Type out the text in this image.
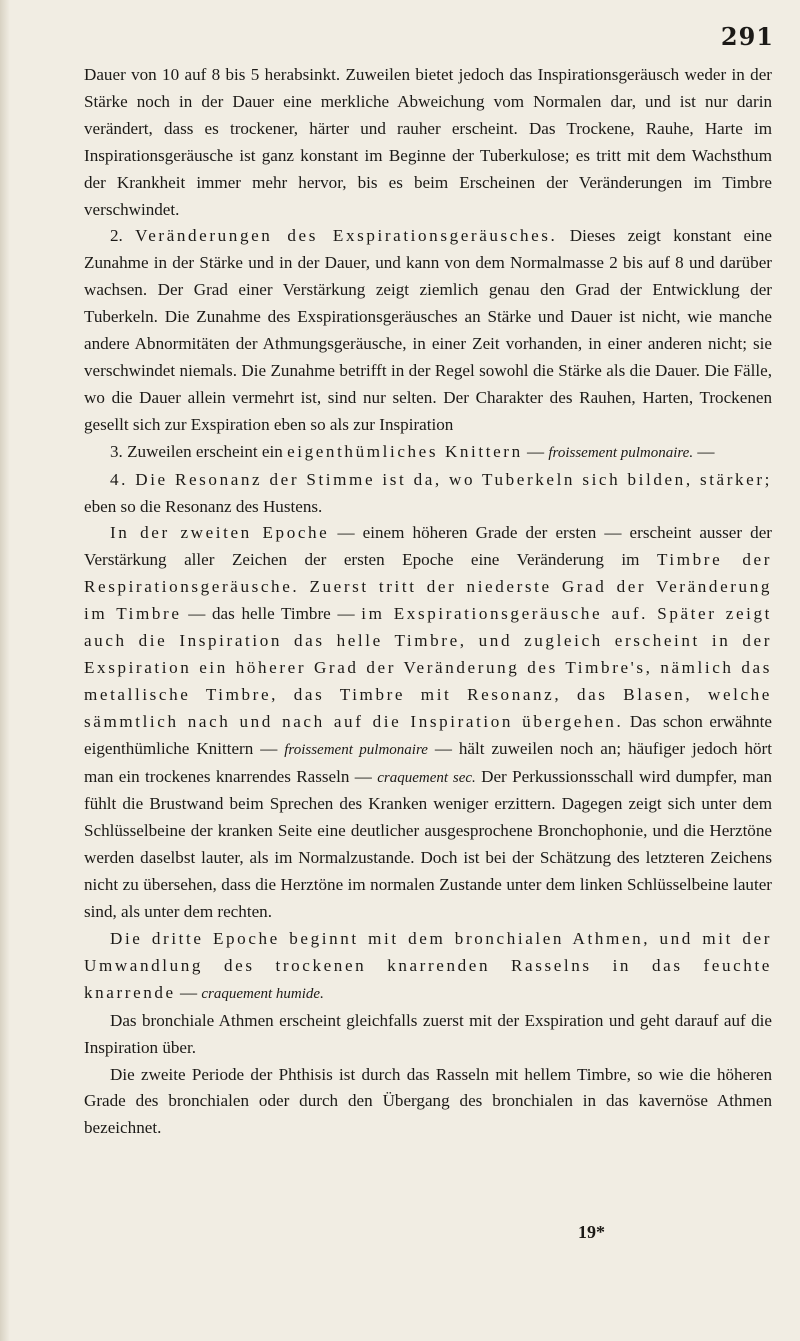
291

Dauer von 10 auf 8 bis 5 herabsinkt. Zuweilen bietet jedoch das Inspirationsgeräusch weder in der Stärke noch in der Dauer eine merkliche Abweichung vom Normalen dar, und ist nur darin verändert, dass es trockener, härter und rauher erscheint. Das Trockene, Rauhe, Harte im Inspirationsgeräusche ist ganz konstant im Beginne der Tuberkulose; es tritt mit dem Wachsthum der Krankheit immer mehr hervor, bis es beim Erscheinen der Veränderungen im Timbre verschwindet.

2. Veränderungen des Exspirationsgeräusches. Dieses zeigt konstant eine Zunahme in der Stärke und in der Dauer, und kann von dem Normalmasse 2 bis auf 8 und darüber wachsen. Der Grad einer Verstärkung zeigt ziemlich genau den Grad der Entwicklung der Tuberkeln. Die Zunahme des Exspirationsgeräusches an Stärke und Dauer ist nicht, wie manche andere Abnormitäten der Athmungsgeräusche, in einer Zeit vorhanden, in einer anderen nicht; sie verschwindet niemals. Die Zunahme betrifft in der Regel sowohl die Stärke als die Dauer. Die Fälle, wo die Dauer allein vermehrt ist, sind nur selten. Der Charakter des Rauhen, Harten, Trockenen gesellt sich zur Exspiration eben so als zur Inspiration

3. Zuweilen erscheint ein eigenthümliches Knittern — froissement pulmonaire. —

4. Die Resonanz der Stimme ist da, wo Tuberkeln sich bilden, stärker; eben so die Resonanz des Hustens.

In der zweiten Epoche — einem höheren Grade der ersten — erscheint ausser der Verstärkung aller Zeichen der ersten Epoche eine Veränderung im Timbre der Respirationsgeräusche. Zuerst tritt der niederste Grad der Veränderung im Timbre — das helle Timbre — im Exspirationsgeräusche auf. Später zeigt auch die Inspiration das helle Timbre, und zugleich erscheint in der Exspiration ein höherer Grad der Veränderung des Timbre's, nämlich das metallische Timbre, das Timbre mit Resonanz, das Blasen, welche sämmtlich nach und nach auf die Inspiration übergehen. Das schon erwähnte eigenthümliche Knittern — froissement pulmonaire — hält zuweilen noch an; häufiger jedoch hört man ein trockenes knarrendes Rasseln — craquement sec. Der Perkussionsschall wird dumpfer, man fühlt die Brustwand beim Sprechen des Kranken weniger erzittern. Dagegen zeigt sich unter dem Schlüsselbeine der kranken Seite eine deutlicher ausgesprochene Bronchophonie, und die Herztöne werden daselbst lauter, als im Normalzustande. Doch ist bei der Schätzung des letzteren Zeichens nicht zu übersehen, dass die Herztöne im normalen Zustande unter dem linken Schlüsselbeine lauter sind, als unter dem rechten.

Die dritte Epoche beginnt mit dem bronchialen Athmen, und mit der Umwandlung des trockenen knarrenden Rasselns in das feuchte knarrende — craquement humide.

Das bronchiale Athmen erscheint gleichfalls zuerst mit der Exspiration und geht darauf auf die Inspiration über.

Die zweite Periode der Phthisis ist durch das Rasseln mit hellem Timbre, so wie die höheren Grade des bronchialen oder durch den Übergang des bronchialen in das kavernöse Athmen bezeichnet.

19*
